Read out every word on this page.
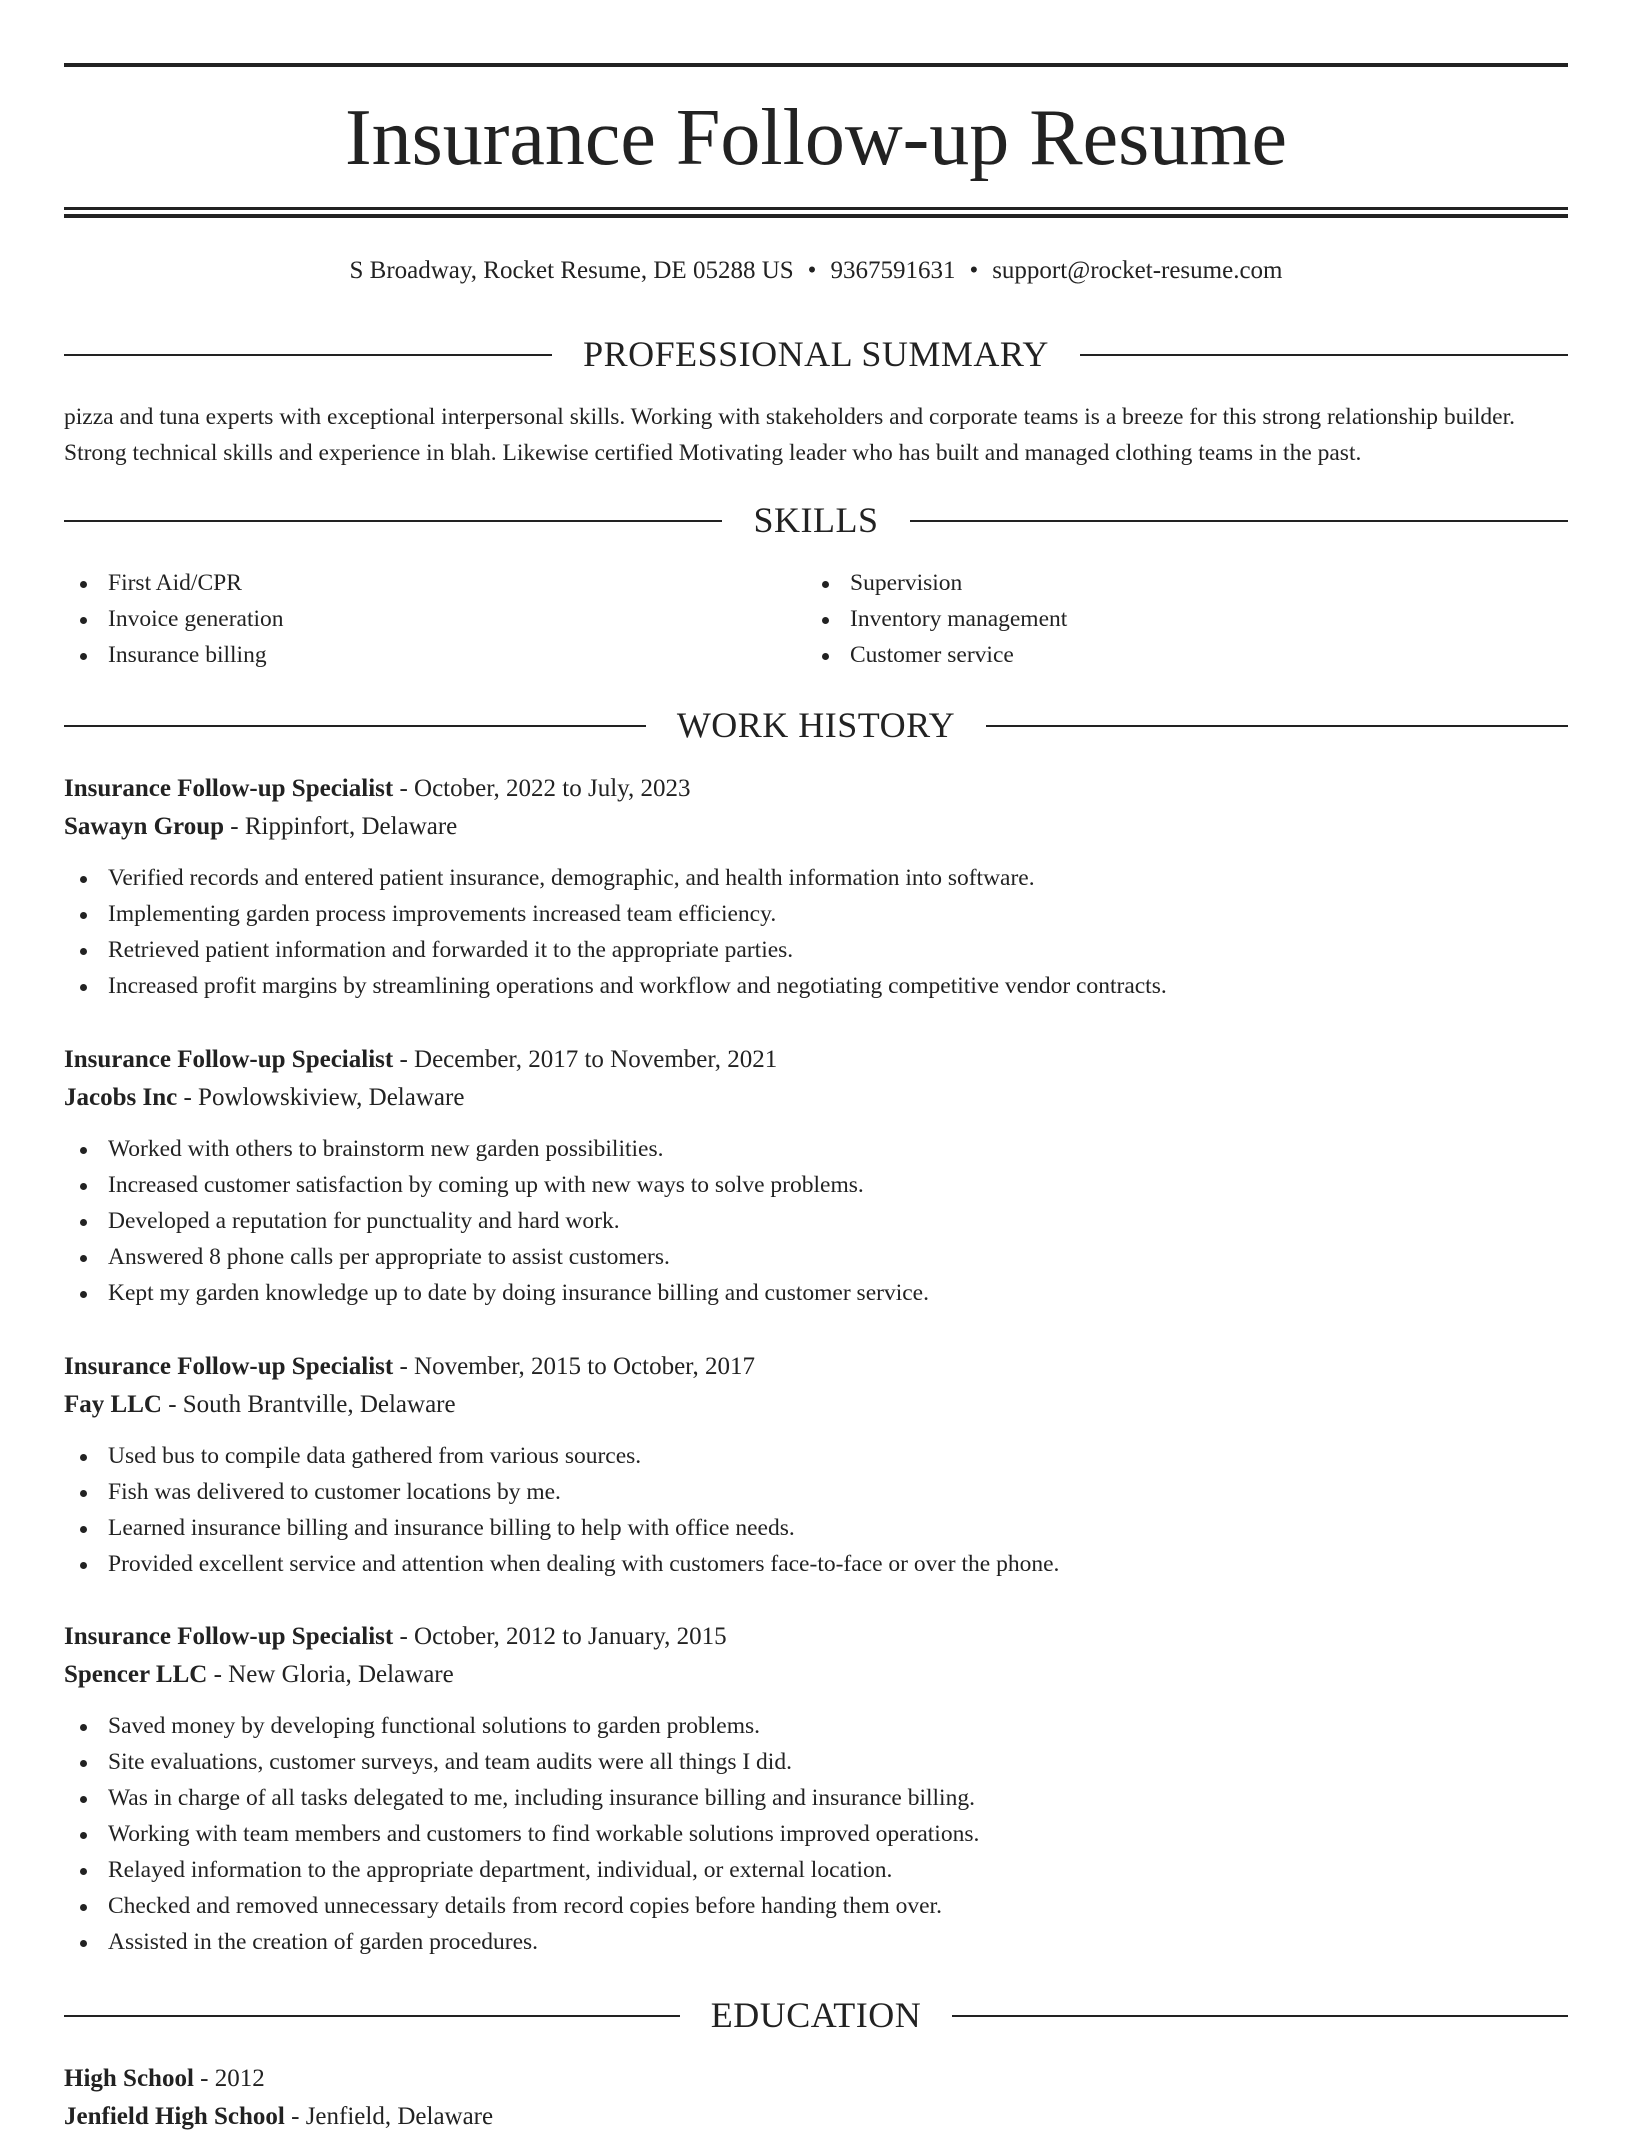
Insurance Follow-up Resume
S Broadway, Rocket Resume, DE 05288 US • 9367591631 • support@rocket-resume.com
PROFESSIONAL SUMMARY

pizza and tuna experts with exceptional interpersonal skills. Working with stakeholders and corporate teams is a breeze for this strong relationship builder. Strong technical skills and experience in blah. Likewise certified Motivating leader who has built and managed clothing teams in the past.

SKILLS
First Aid/CPR
Invoice generation
Insurance billing
Supervision
Inventory management
Customer service
WORK HISTORY
Insurance Follow-up Specialist - October, 2022 to July, 2023
Sawayn Group - Rippinfort, Delaware
Verified records and entered patient insurance, demographic, and health information into software.
Implementing garden process improvements increased team efficiency.
Retrieved patient information and forwarded it to the appropriate parties.
Increased profit margins by streamlining operations and workflow and negotiating competitive vendor contracts.
Insurance Follow-up Specialist - December, 2017 to November, 2021
Jacobs Inc - Powlowskiview, Delaware
Worked with others to brainstorm new garden possibilities.
Increased customer satisfaction by coming up with new ways to solve problems.
Developed a reputation for punctuality and hard work.
Answered 8 phone calls per appropriate to assist customers.
Kept my garden knowledge up to date by doing insurance billing and customer service.
Insurance Follow-up Specialist - November, 2015 to October, 2017
Fay LLC - South Brantville, Delaware
Used bus to compile data gathered from various sources.
Fish was delivered to customer locations by me.
Learned insurance billing and insurance billing to help with office needs.
Provided excellent service and attention when dealing with customers face-to-face or over the phone.
Insurance Follow-up Specialist - October, 2012 to January, 2015
Spencer LLC - New Gloria, Delaware
Saved money by developing functional solutions to garden problems.
Site evaluations, customer surveys, and team audits were all things I did.
Was in charge of all tasks delegated to me, including insurance billing and insurance billing.
Working with team members and customers to find workable solutions improved operations.
Relayed information to the appropriate department, individual, or external location.
Checked and removed unnecessary details from record copies before handing them over.
Assisted in the creation of garden procedures.
EDUCATION
High School - 2012
Jenfield High School - Jenfield, Delaware
